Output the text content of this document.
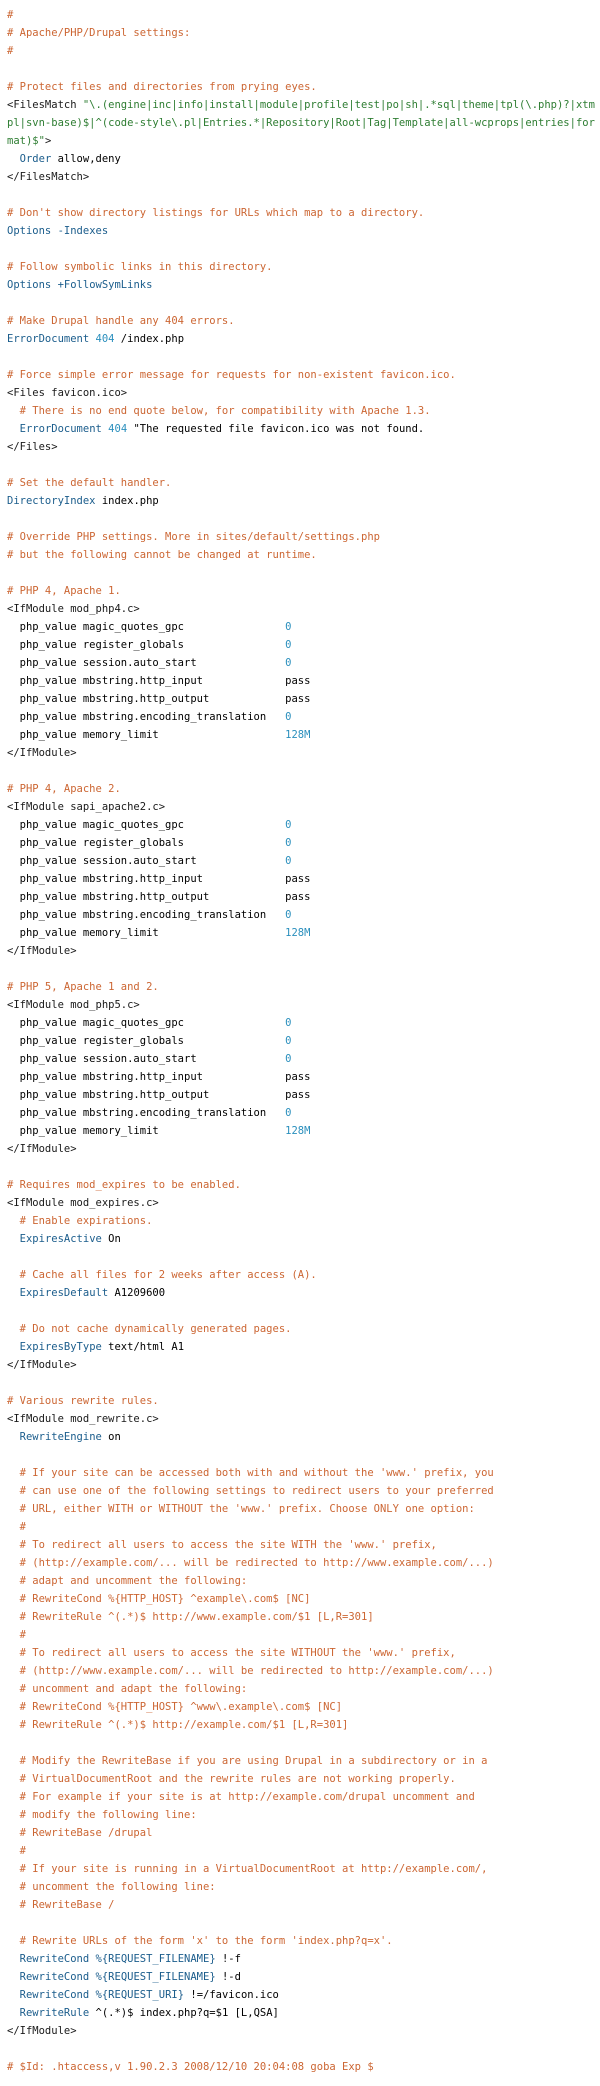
#
# Apache/PHP/Drupal settings:
#
# Protect files and directories from prying eyes.
<FilesMatch "\.(engine|inc|info|install|module|profile|test|po|sh|.*sql|theme|tpl(\.php)?|xtmpl|svn-base)$|^(code-style\.pl|Entries.*|Repository|Root|Tag|Template|all-wcprops|entries|format)$">
Order allow,deny
</FilesMatch>
# Don't show directory listings for URLs which map to a directory.
Options -Indexes
# Follow symbolic links in this directory.
Options +FollowSymLinks
# Make Drupal handle any 404 errors.
ErrorDocument 404 /index.php
# Force simple error message for requests for non-existent favicon.ico.
<Files favicon.ico>
# There is no end quote below, for compatibility with Apache 1.3.
ErrorDocument 404 "The requested file favicon.ico was not found.
</Files>
# Set the default handler.
DirectoryIndex index.php
# Override PHP settings. More in sites/default/settings.php
# but the following cannot be changed at runtime.
# PHP 4, Apache 1.
<IfModule mod_php4.c>
php_value magic_quotes_gpc                0
php_value register_globals                0
php_value session.auto_start              0
php_value mbstring.http_input             pass
php_value mbstring.http_output            pass
php_value mbstring.encoding_translation   0
php_value memory_limit                    128M
</IfModule>
# PHP 4, Apache 2.
<IfModule sapi_apache2.c>
php_value magic_quotes_gpc                0
php_value register_globals                0
php_value session.auto_start              0
php_value mbstring.http_input             pass
php_value mbstring.http_output            pass
php_value mbstring.encoding_translation   0
php_value memory_limit                    128M
</IfModule>
# PHP 5, Apache 1 and 2.
<IfModule mod_php5.c>
php_value magic_quotes_gpc                0
php_value register_globals                0
php_value session.auto_start              0
php_value mbstring.http_input             pass
php_value mbstring.http_output            pass
php_value mbstring.encoding_translation   0
php_value memory_limit                    128M
</IfModule>
# Requires mod_expires to be enabled.
<IfModule mod_expires.c>
# Enable expirations.
ExpiresActive On
# Cache all files for 2 weeks after access (A).
ExpiresDefault A1209600
# Do not cache dynamically generated pages.
ExpiresByType text/html A1
</IfModule>
# Various rewrite rules.
<IfModule mod_rewrite.c>
RewriteEngine on
# If your site can be accessed both with and without the 'www.' prefix, you
# can use one of the following settings to redirect users to your preferred
# URL, either WITH or WITHOUT the 'www.' prefix. Choose ONLY one option:
#
# To redirect all users to access the site WITH the 'www.' prefix,
# (http://example.com/... will be redirected to http://www.example.com/...)
# adapt and uncomment the following:
# RewriteCond %{HTTP_HOST} ^example\.com$ [NC]
# RewriteRule ^(.*)$ http://www.example.com/$1 [L,R=301]
#
# To redirect all users to access the site WITHOUT the 'www.' prefix,
# (http://www.example.com/... will be redirected to http://example.com/...)
# uncomment and adapt the following:
# RewriteCond %{HTTP_HOST} ^www\.example\.com$ [NC]
# RewriteRule ^(.*)$ http://example.com/$1 [L,R=301]
# Modify the RewriteBase if you are using Drupal in a subdirectory or in a
# VirtualDocumentRoot and the rewrite rules are not working properly.
# For example if your site is at http://example.com/drupal uncomment and
# modify the following line:
# RewriteBase /drupal
#
# If your site is running in a VirtualDocumentRoot at http://example.com/,
# uncomment the following line:
# RewriteBase /
# Rewrite URLs of the form 'x' to the form 'index.php?q=x'.
RewriteCond %{REQUEST_FILENAME} !-f
RewriteCond %{REQUEST_FILENAME} !-d
RewriteCond %{REQUEST_URI} !=/favicon.ico
RewriteRule ^(.*)$ index.php?q=$1 [L,QSA]
</IfModule>
# $Id: .htaccess,v 1.90.2.3 2008/12/10 20:04:08 goba Exp $
